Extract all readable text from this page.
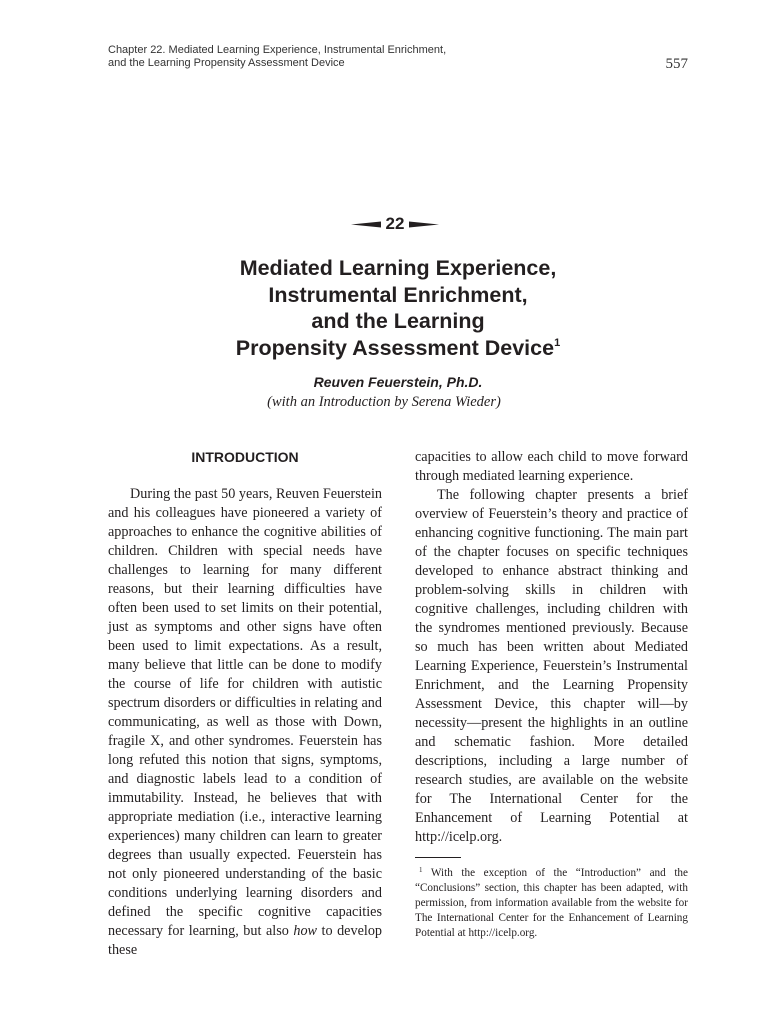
Chapter 22. Mediated Learning Experience, Instrumental Enrichment,
and the Learning Propensity Assessment Device	557
22
Mediated Learning Experience,
Instrumental Enrichment,
and the Learning
Propensity Assessment Device$^1$
Reuven Feuerstein, Ph.D.
(with an Introduction by Serena Wieder)
INTRODUCTION

During the past 50 years, Reuven Feuerstein and his colleagues have pioneered a variety of approaches to enhance the cognitive abilities of children. Children with special needs have challenges to learning for many different reasons, but their learning difficulties have often been used to set limits on their potential, just as symptoms and other signs have often been used to limit expectations. As a result, many believe that little can be done to modify the course of life for children with autistic spectrum disorders or difficulties in relating and communicating, as well as those with Down, fragile X, and other syndromes. Feuerstein has long refuted this notion that signs, symptoms, and diagnostic labels lead to a condition of immutability. Instead, he believes that with appropriate mediation (i.e., interactive learning experiences) many children can learn to greater degrees than usually expected. Feuerstein has not only pioneered understanding of the basic conditions underlying learning disorders and defined the specific cognitive capacities necessary for learning, but also how to develop these

capacities to allow each child to move forward through mediated learning experience.

The following chapter presents a brief overview of Feuerstein’s theory and practice of enhancing cognitive functioning. The main part of the chapter focuses on specific techniques developed to enhance abstract thinking and problem-solving skills in children with cognitive challenges, including children with the syndromes mentioned previously. Because so much has been written about Mediated Learning Experience, Feuerstein’s Instrumental Enrichment, and the Learning Propensity Assessment Device, this chapter will—by necessity—present the highlights in an outline and schematic fashion. More detailed descriptions, including a large number of research studies, are available on the website for The International Center for the Enhancement of Learning Potential at http://icelp.org.

$^1$ With the exception of the “Introduction” and the “Conclusions” section, this chapter has been adapted, with permission, from information available from the website for The International Center for the Enhancement of Learning Potential at http://icelp.org.
